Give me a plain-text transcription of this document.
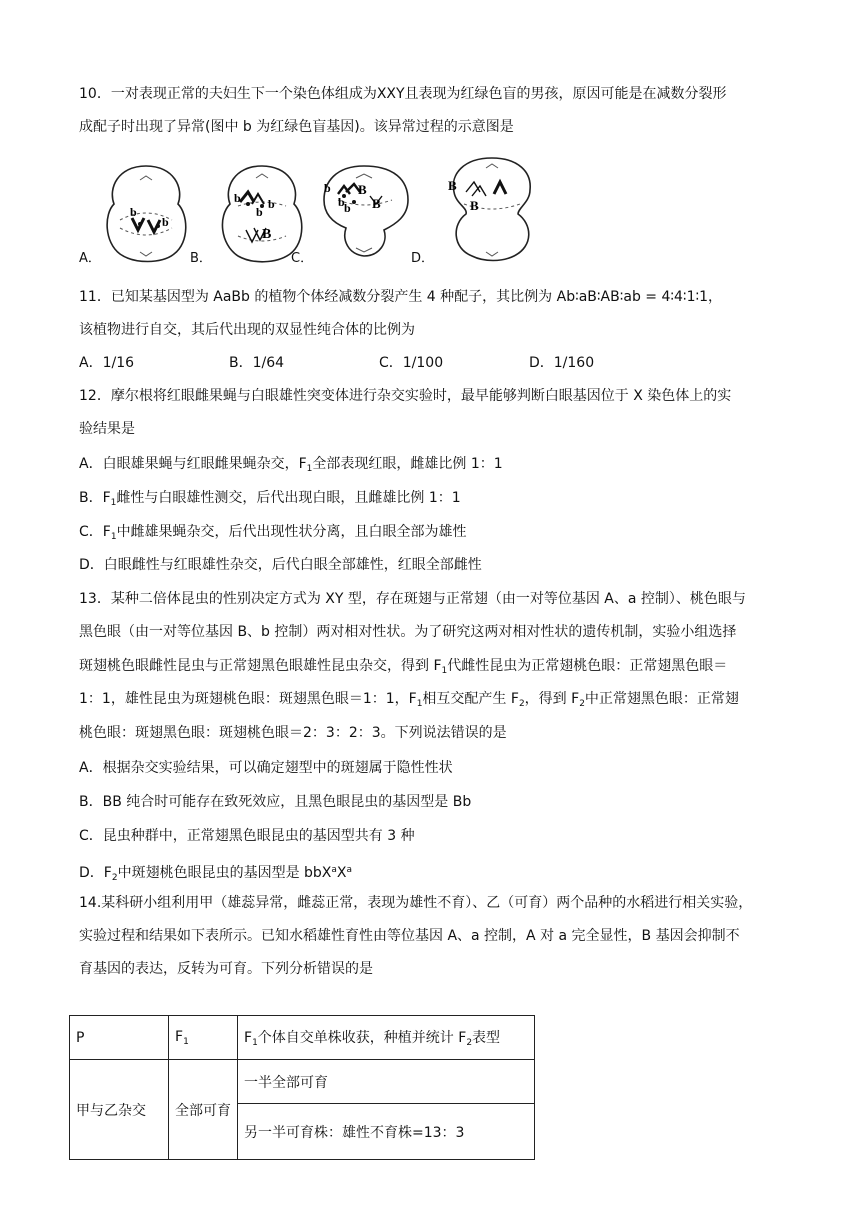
10．一对表现正常的夫妇生下一个染色体组成为XXY且表现为红绿色盲的男孩，原因可能是在减数分裂形
成配子时出现了异常(图中 b 为红绿色盲基因)。该异常过程的示意图是
b
b
A．
b b
b
B
B．
b
b b
B
B
C．
B
B
D．
11．已知某基因型为 AaBb 的植物个体经减数分裂产生 4 种配子，其比例为 Ab∶aB∶AB∶ab = 4∶4∶1∶1，
该植物进行自交，其后代出现的双显性纯合体的比例为
A．1/16	B．1/64	C．1/100	D．1/160
12．摩尔根将红眼雌果蝇与白眼雄性突变体进行杂交实验时，最早能够判断白眼基因位于 X 染色体上的实
验结果是
A．白眼雄果蝇与红眼雌果蝇杂交，$F_1$全部表现红眼，雌雄比例 1：1
B．$F_1$雌性与白眼雄性测交，后代出现白眼，且雌雄比例 1：1
C．$F_1$中雌雄果蝇杂交，后代出现性状分离，且白眼全部为雄性
D．白眼雌性与红眼雄性杂交，后代白眼全部雄性，红眼全部雌性
13．某种二倍体昆虫的性别决定方式为 XY 型，存在斑翅与正常翅（由一对等位基因 A、a 控制）、桃色眼与
黑色眼（由一对等位基因 B、b 控制）两对相对性状。为了研究这两对相对性状的遗传机制，实验小组选择
斑翅桃色眼雌性昆虫与正常翅黑色眼雄性昆虫杂交，得到 $F_1$代雌性昆虫为正常翅桃色眼：正常翅黑色眼＝
1：1，雄性昆虫为斑翅桃色眼：斑翅黑色眼＝1：1，$F_1$相互交配产生 $F_2$，得到 $F_2$中正常翅黑色眼：正常翅
桃色眼：斑翅黑色眼：斑翅桃色眼＝2：3：2：3。下列说法错误的是
A．根据杂交实验结果，可以确定翅型中的斑翅属于隐性性状
B．BB 纯合时可能存在致死效应，且黑色眼昆虫的基因型是 Bb
C．昆虫种群中，正常翅黑色眼昆虫的基因型共有 3 种
D．$F_2$中斑翅桃色眼昆虫的基因型是 $bbX^aX^a$
14.某科研小组利用甲（雄蕊异常，雌蕊正常，表现为雄性不育）、乙（可育）两个品种的水稻进行相关实验，
实验过程和结果如下表所示。已知水稻雄性育性由等位基因 A、a 控制，A 对 a 完全显性，B 基因会抑制不
育基因的表达，反转为可育。下列分析错误的是
P	$F_1$	$F_1$个体自交单株收获，种植并统计 $F_2$表型
甲与乙杂交	全部可育	一半全部可育
		另一半可育株：雄性不育株=13：3
